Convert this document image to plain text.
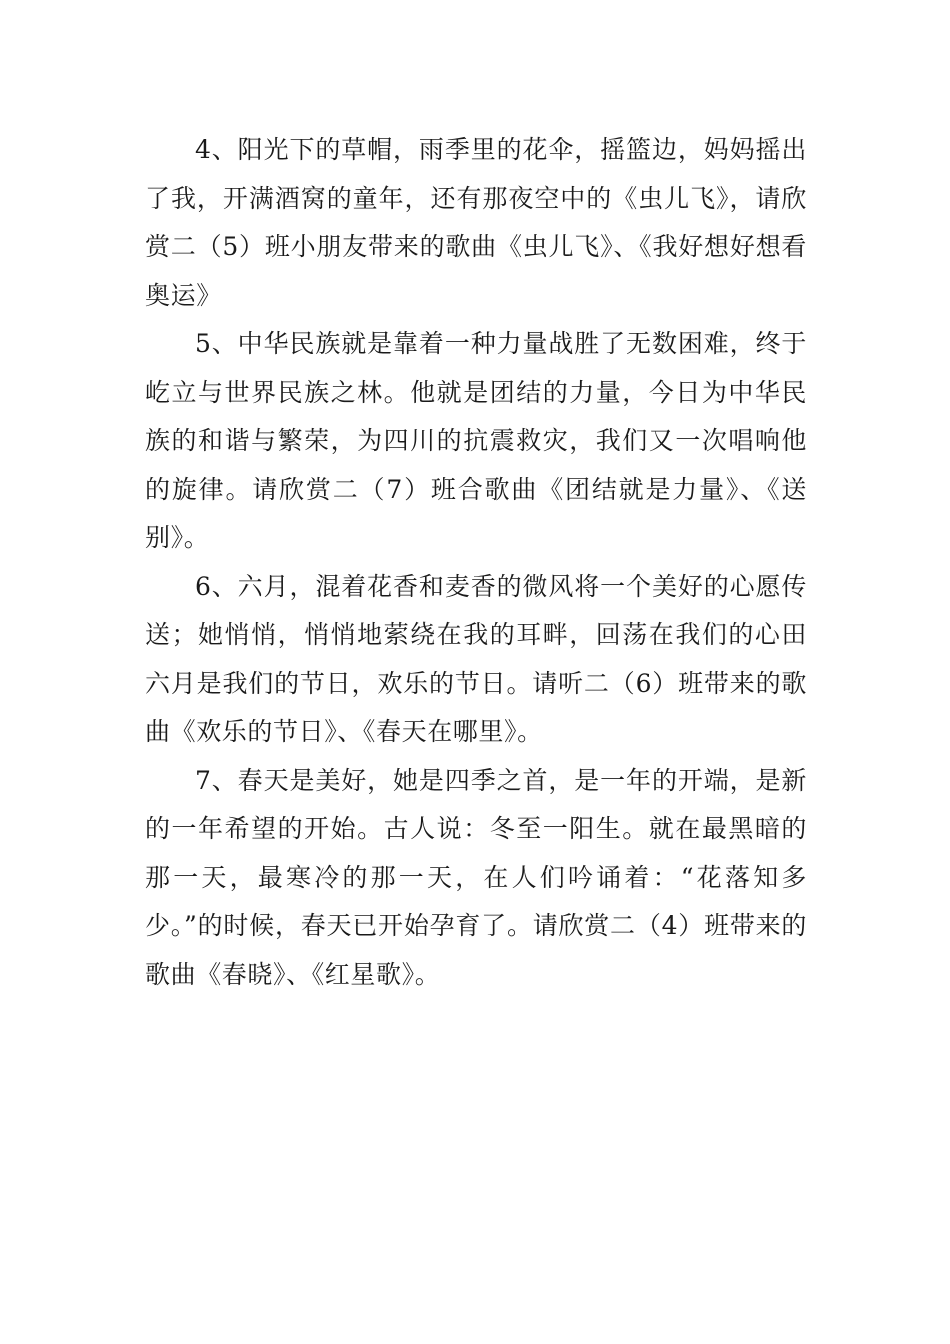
4、阳光下的草帽，雨季里的花伞，摇篮边，妈妈摇出了我，开满酒窝的童年，还有那夜空中的《虫儿飞》，请欣赏二（5）班小朋友带来的歌曲《虫儿飞》、《我好想好想看奥运》

5、中华民族就是靠着一种力量战胜了无数困难，终于屹立与世界民族之林。他就是团结的力量，今日为中华民族的和谐与繁荣，为四川的抗震救灾，我们又一次唱响他的旋律。请欣赏二（7）班合歌曲《团结就是力量》、《送别》。

6、六月，混着花香和麦香的微风将一个美好的心愿传送；她悄悄，悄悄地萦绕在我的耳畔，回荡在我们的心田六月是我们的节日，欢乐的节日。请听二（6）班带来的歌曲《欢乐的节日》、《春天在哪里》。

7、春天是美好，她是四季之首，是一年的开端，是新的一年希望的开始。古人说：冬至一阳生。就在最黑暗的那一天，最寒冷的那一天，在人们吟诵着：“花落知多少。”的时候，春天已开始孕育了。请欣赏二（4）班带来的歌曲《春晓》、《红星歌》。
